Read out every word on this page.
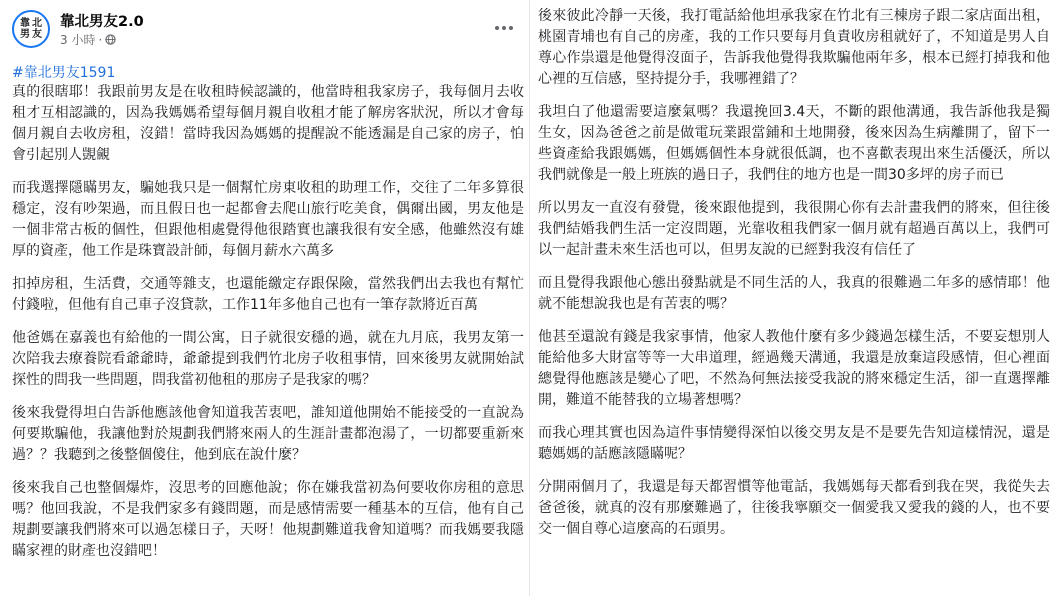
靠 北
男 友
靠北男友2.0
3 小時 ·
#靠北男友1591

真的很瞎耶！我跟前男友是在收租時候認識的，他當時租我家房子，我每個月去收租才互相認識的，因為我媽媽希望每個月親自收租才能了解房客狀況，所以才會每個月親自去收房租，沒錯！當時我因為媽媽的提醒說不能透漏是自己家的房子，怕會引起別人覬覦

而我選擇隱瞞男友，騙她我只是一個幫忙房東收租的助理工作，交往了二年多算很穩定，沒有吵架過，而且假日也一起都會去爬山旅行吃美食，偶爾出國，男友他是一個非常古板的個性，但跟他相處覺得他很踏實也讓我很有安全感，他雖然沒有雄厚的資產，他工作是珠寶設計師，每個月薪水六萬多

扣掉房租，生活費，交通等雜支，也還能繳定存跟保險，當然我們出去我也有幫忙付錢啦，但他有自己車子沒貸款，工作11年多他自己也有一筆存款將近百萬

他爸媽在嘉義也有給他的一間公寓，日子就很安穩的過，就在九月底，我男友第一次陪我去療養院看爺爺時，爺爺提到我們竹北房子收租事情，回來後男友就開始試探性的問我一些問題，問我當初他租的那房子是我家的嗎？

後來我覺得坦白告訴他應該他會知道我苦衷吧，誰知道他開始不能接受的一直說為何要欺騙他，我讓他對於規劃我們將來兩人的生涯計畫都泡湯了，一切都要重新來過？？我聽到之後整個傻住，他到底在說什麼？

後來我自己也整個爆炸，沒思考的回應他說；你在嫌我當初為何要收你房租的意思嗎？他回我說，不是我們家多有錢問題，而是感情需要一種基本的互信，他有自己規劃要讓我們將來可以過怎樣日子，天呀！他規劃難道我會知道嗎？而我媽要我隱瞞家裡的財產也沒錯吧！

後來彼此冷靜一天後，我打電話給他坦承我家在竹北有三棟房子跟二家店面出租，桃園青埔也有自己的房產，我的工作只要每月負責收房租就好了，不知道是男人自尊心作祟還是他覺得沒面子，告訴我他覺得我欺騙他兩年多，根本已經打掉我和他心裡的互信感，堅持提分手，我哪裡錯了？

我坦白了他還需要這麼氣嗎？我還挽回3.4天，不斷的跟他溝通，我告訴他我是獨生女，因為爸爸之前是做電玩業跟當鋪和土地開發，後來因為生病離開了，留下一些資產給我跟媽媽，但媽媽個性本身就很低調，也不喜歡表現出來生活優沃，所以我們就像是一般上班族的過日子，我們住的地方也是一間30多坪的房子而已

所以男友一直沒有發覺，後來跟他提到，我很開心你有去計畫我們的將來，但往後我們結婚我們生活一定沒問題，光靠收租我們家一個月就有超過百萬以上，我們可以一起計畫未來生活也可以，但男友說的已經對我沒有信任了

而且覺得我跟他心態出發點就是不同生活的人，我真的很難過二年多的感情耶！他就不能想說我也是有苦衷的嗎？

他甚至還說有錢是我家事情，他家人教他什麼有多少錢過怎樣生活，不要妄想別人能給他多大財富等等一大串道理，經過幾天溝通，我還是放棄這段感情，但心裡面總覺得他應該是變心了吧，不然為何無法接受我說的將來穩定生活，卻一直選擇離開，難道不能替我的立場著想嗎？

而我心理其實也因為這件事情變得深怕以後交男友是不是要先告知這樣情況，還是聽媽媽的話應該隱瞞呢？

分開兩個月了，我還是每天都習慣等他電話，我媽媽每天都看到我在哭，我從失去爸爸後，就真的沒有那麼難過了，往後我寧願交一個愛我又愛我的錢的人，也不要交一個自尊心這麼高的石頭男。
